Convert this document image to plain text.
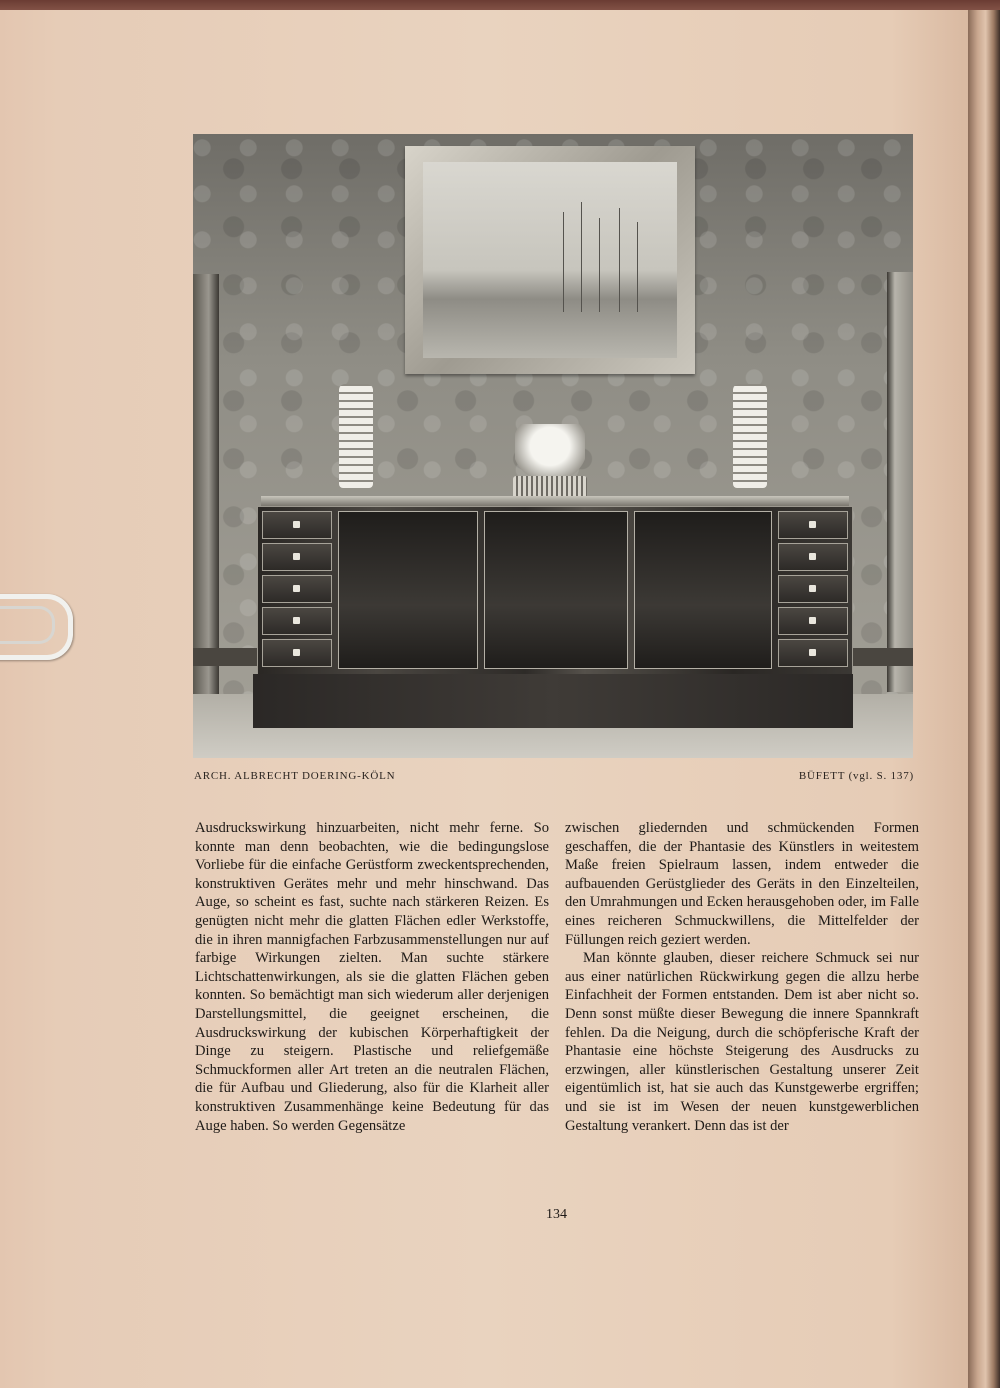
ARCH. ALBRECHT DOERING-KÖLN	BÜFETT (vgl. S. 137)

Ausdruckswirkung hinzuarbeiten, nicht mehr ferne. So konnte man denn beobachten, wie die bedingungslose Vorliebe für die einfache Gerüstform zweckentsprechenden, konstruktiven Gerätes mehr und mehr hinschwand. Das Auge, so scheint es fast, suchte nach stärkeren Reizen. Es genügten nicht mehr die glatten Flächen edler Werkstoffe, die in ihren mannigfachen Farbzusammenstellungen nur auf farbige Wirkungen zielten. Man suchte stärkere Lichtschattenwirkungen, als sie die glatten Flächen geben konnten. So bemächtigt man sich wiederum aller derjenigen Darstellungsmittel, die geeignet erscheinen, die Ausdruckswirkung der kubischen Körperhaftigkeit der Dinge zu steigern. Plastische und reliefgemäße Schmuckformen aller Art treten an die neutralen Flächen, die für Aufbau und Gliederung, also für die Klarheit aller konstruktiven Zusammenhänge keine Bedeutung für das Auge haben. So werden Gegensätze

zwischen gliedernden und schmückenden Formen geschaffen, die der Phantasie des Künstlers in weitestem Maße freien Spielraum lassen, indem entweder die aufbauenden Gerüstglieder des Geräts in den Einzelteilen, den Umrahmungen und Ecken herausgehoben oder, im Falle eines reicheren Schmuckwillens, die Mittelfelder der Füllungen reich geziert werden.

Man könnte glauben, dieser reichere Schmuck sei nur aus einer natürlichen Rückwirkung gegen die allzu herbe Einfachheit der Formen entstanden. Dem ist aber nicht so. Denn sonst müßte dieser Bewegung die innere Spannkraft fehlen. Da die Neigung, durch die schöpferische Kraft der Phantasie eine höchste Steigerung des Ausdrucks zu erzwingen, aller künstlerischen Gestaltung unserer Zeit eigentümlich ist, hat sie auch das Kunstgewerbe ergriffen; und sie ist im Wesen der neuen kunstgewerblichen Gestaltung verankert. Denn das ist der

134
